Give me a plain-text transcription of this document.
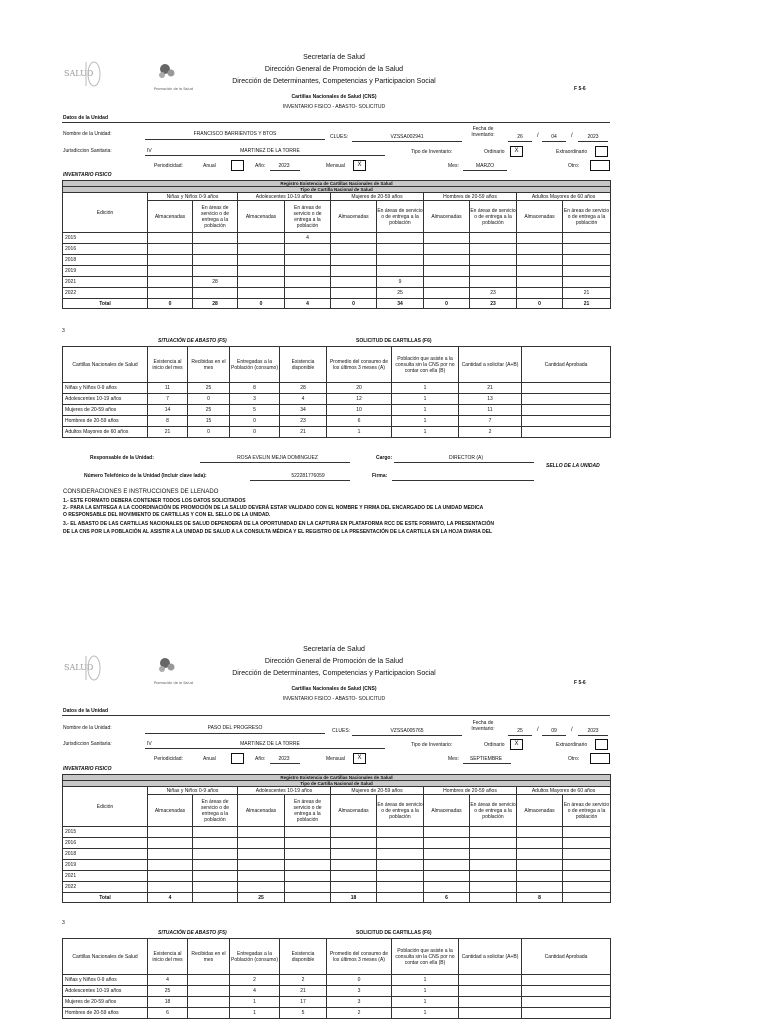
SALUD
Promoción de la Salud
Secretaría de Salud
Dirección General de Promoción de la Salud
Dirección de Determinantes, Competencias y Participacion Social
Cartillas Nacionales de Salud (CNS)
INVENTARIO FISICO - ABASTO- SOLICITUD
F 5-6
Datos de la Unidad
Nombre de la Unidad:	FRANCISCO BARRIENTOS Y BTOS	CLUES:	VZSSA002941
Fecha de Inventario:	26	/	04	/	2023
Jurisdiccion Sanitaria:	IV	MARTINEZ DE LA TORRE	Tipo de Inventario:	Ordinario	X	Extraordinario
Periodicidad:	Anual	Año:	2023	Mensual	X	Mes:	MARZO	Otro:
INVENTARIO FISICO
Registro Existencia de Cartillas Nacionales de Salud										
Tipo de Cartilla Nacional de Salud										
Edición	Niñas y Niños 0-9 años		Adolescentes 10-19 años		Mujeres de 20-59 años		Hombres de 20-59 años		Adultos Mayores de 60 años	
	Almacenadas	En áreas de servicio o de entrega a la población	Almacenadas	En áreas de servicio o de entrega a la población	Almacenadas	En áreas de servicio o de entrega a la población	Almacenadas	En áreas de servicio o de entrega a la población	Almacenadas	En áreas de servicio o de entrega a la población
2015				4						
2016										
2018										
2019										
2021		28				9				
2022						25		23		21
Total	0	28	0	4	0	34	0	23	0	21
3
SITUACIÓN DE ABASTO (F5)	SOLICITUD DE CARTILLAS (F6)
Cartillas Nacionales de Salud	Existencia al inicio del mes	Recibidas en el mes	Entregadas a la Población (consumo)	Existencia disponible	Promedio del consumo de los últimos 3 meses (A)	Población que asiste a la consulta sin la CNS por no contar con ella (B)	Cantidad a solicitar (A+B)	Cantidad Aprobada
Niñas y Niños 0-9 años	11	25	8	28	20	1	21	
Adolescentes 10-19 años	7	0	3	4	12	1	13	
Mujeres de 20-59 años	14	25	5	34	10	1	11	
Hombres de 20-59 años	8	15	0	23	6	1	7	
Adultos Mayores de 60 años	21	0	0	21	1	1	2	
Responsable de la Unidad:	ROSA EVELIN MEJIA DOMINGUEZ	Cargo:	DIRECTOR (A)
SELLO DE LA UNIDAD
Número Telefónico de la Unidad (Incluir clave lada):	522281776059	Firma:
CONSIDERACIONES E INSTRUCCIONES DE LLENADO
1.- ESTE FORMATO DEBERA CONTENER TODOS LOS DATOS SOLICITADOS
2.- PARA LA ENTREGA A LA COORDINACIÓN DE PROMOCIÓN DE LA SALUD DEVERÁ ESTAR VALIDADO CON EL NOMBRE Y FIRMA DEL ENCARGADO DE LA UNIDAD MEDICA
O RESPONSABLE DEL MOVIMIENTO DE CARTILLAS Y CON EL SELLO DE LA UNIDAD.
3.- EL ABASTO DE LAS CARTILLAS NACIONALES DE SALUD DEPENDERÁ DE LA OPORTUNIDAD EN LA CAPTURA EN PLATAFORMA RCC DE ESTE FORMATO, LA PRESENTACIÓN
DE LA CNS POR LA POBLACIÓN AL ASISTIR A LA UNIDAD DE SALUD A LA CONSULTA MÉDICA Y EL REGISTRO DE LA PRESENTACIÓN DE LA CARTILLA EN LA HOJA DIARIA DEL
SALUD
Promoción de la Salud
Secretaría de Salud
Dirección General de Promoción de la Salud
Dirección de Determinantes, Competencias y Participacion Social
Cartillas Nacionales de Salud (CNS)
INVENTARIO FISICO - ABASTO- SOLICITUD
F 5-6
Datos de la Unidad
Nombre de la Unidad:	PASO DEL PROGRESO	CLUES:	VZSSA005765
Fecha de Inventario:	25	/	09	/	2023
Jurisdiccion Sanitaria:	IV	MARTINEZ DE LA TORRE	Tipo de Inventario:	Ordinario	X	Extraordinario
Periodicidad:	Anual	Año:	2023	Mensual	X	Mes:	SEPTIEMBRE	Otro:
INVENTARIO FISICO
Registro Existencia de Cartillas Nacionales de Salud										
Tipo de Cartilla Nacional de Salud										
Edición	Niñas y Niños 0-9 años		Adolescentes 10-19 años		Mujeres de 20-59 años		Hombres de 20-59 años		Adultos Mayores de 60 años	
	Almacenadas	En áreas de servicio o de entrega a la población	Almacenadas	En áreas de servicio o de entrega a la población	Almacenadas	En áreas de servicio o de entrega a la población	Almacenadas	En áreas de servicio o de entrega a la población	Almacenadas	En áreas de servicio o de entrega a la población
2015										
2016										
2018										
2019										
2021										
2022										
Total	4		25		18		6		8	
3
SITUACIÓN DE ABASTO (F5)	SOLICITUD DE CARTILLAS (F6)
Cartillas Nacionales de Salud	Existencia al inicio del mes	Recibidas en el mes	Entregadas a la Población (consumo)	Existencia disponible	Promedio del consumo de los últimos 3 meses (A)	Población que asiste a la consulta sin la CNS por no contar con ella (B)	Cantidad a solicitar (A+B)	Cantidad Aprobada
Niñas y Niños 0-9 años	4		2	2	0	1		
Adolescentes 10-19 años	25		4	21	3	1		
Mujeres de 20-59 años	18		1	17	3	1		
Hombres de 20-59 años	6		1	5	2	1		
